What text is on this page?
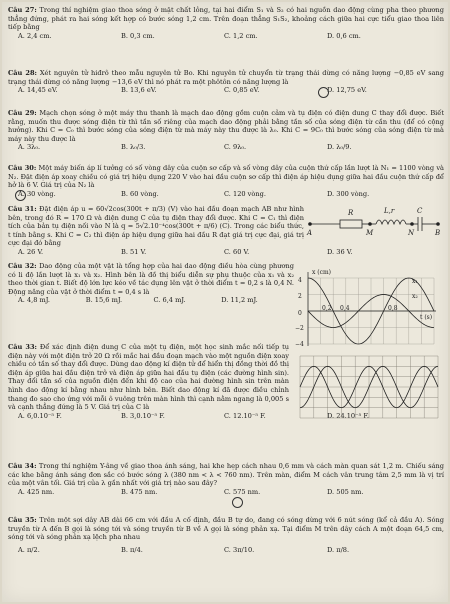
Câu 27: Trong thí nghiệm giao thoa sóng ở mặt chất lỏng, tại hai điểm S₁ và S₂ có hai nguồn dao động cùng pha theo phương thẳng đứng, phát ra hai sóng kết hợp có bước sóng 1,2 cm. Trên đoạn thẳng S₁S₂, khoảng cách giữa hai cực tiểu giao thoa liên tiếp bằng

A. 2,4 cm.	B. 0,3 cm.	C. 1,2 cm.	D. 0,6 cm.

Câu 28: Xét nguyên tử hiđrô theo mẫu nguyên tử Bo. Khi nguyên tử chuyển từ trạng thái dừng có năng lượng −0,85 eV sang trạng thái dừng có năng lượng −13,6 eV thì nó phát ra một phôtôn có năng lượng là

A. 14,45 eV.	B. 13,6 eV.	C. 0,85 eV.	D. 12,75 eV.

Câu 29: Mạch chọn sóng ở một máy thu thanh là mạch dao động gồm cuộn cảm và tụ điện có điện dung C thay đổi được. Biết rằng, muốn thu được sóng điện từ thì tần số riêng của mạch dao động phải bằng tần số của sóng điện từ cần thu (để có cộng hưởng). Khi C = C₀ thì bước sóng của sóng điện từ mà máy này thu được là λ₀. Khi C = 9C₀ thì bước sóng của sóng điện từ mà máy này thu được là

A. 3λ₀.	B. λ₀/3.	C. 9λ₀.	D. λ₀/9.

Câu 30: Một máy biến áp lí tưởng có số vòng dây của cuộn sơ cấp và số vòng dây của cuộn thứ cấp lần lượt là N₁ = 1100 vòng và N₂. Đặt điện áp xoay chiều có giá trị hiệu dụng 220 V vào hai đầu cuộn sơ cấp thì điện áp hiệu dụng giữa hai đầu cuộn thứ cấp để hở là 6 V. Giá trị của N₂ là

A. 30 vòng.	B. 60 vòng.	C. 120 vòng.	D. 300 vòng.

Câu 31: Đặt điện áp u = 60√2cos(300t + π/3) (V) vào hai đầu đoạn mạch AB như hình bên, trong đó R = 170 Ω và điện dung C của tụ điện thay đổi được. Khi C = C₁ thì điện tích của bản tụ điện nối vào N là q = 5√2.10⁻⁴cos(300t + π/6) (C). Trong các biểu thức, t tính bằng s. Khi C = C₂ thì điện áp hiệu dụng giữa hai đầu R đạt giá trị cực đại, giá trị cực đại đó bằng

A. 26 V.	B. 51 V.	C. 60 V.	D. 36 V.
A
R
M
L,r
N
C
B

Câu 32: Dao động của một vật là tổng hợp của hai dao động điều hòa cùng phương có li độ lần lượt là x₁ và x₂. Hình bên là đồ thị biểu diễn sự phụ thuộc của x₁ và x₂ theo thời gian t. Biết độ lớn lực kéo về tác dụng lên vật ở thời điểm t = 0,2 s là 0,4 N. Động năng của vật ở thời điểm t = 0,4 s là

A. 4,8 mJ.	B. 15,6 mJ.	C. 6,4 mJ.	D. 11,2 mJ.
x (cm)
t (s)
x₁
x₂
4
2
0
−2
−4
0,2 0,4	0,8

Câu 33: Để xác định điện dung C của một tụ điện, một học sinh mắc nối tiếp tụ điện này với một điện trở 20 Ω rồi mắc hai đầu đoạn mạch vào một nguồn điện xoay chiều có tần số thay đổi được. Dùng dao động kí điện tử để hiển thị đồng thời đồ thị điện áp giữa hai đầu điện trở và điện áp giữa hai đầu tụ điện (các đường hình sin). Thay đổi tần số của nguồn điện đến khi độ cao của hai đường hình sin trên màn hình dao động kí bằng nhau như hình bên. Biết dao động kí đã được điều chỉnh thang đo sao cho ứng với mỗi ô vuông trên màn hình thì cạnh nằm ngang là 0,005 s và cạnh thẳng đứng là 5 V. Giá trị của C là

A. 6,0.10⁻⁵ F.	B. 3,0.10⁻⁵ F.	C. 12.10⁻⁵ F.	D. 24.10⁻⁵ F.

Câu 34: Trong thí nghiệm Y-âng về giao thoa ánh sáng, hai khe hẹp cách nhau 0,6 mm và cách màn quan sát 1,2 m. Chiếu sáng các khe bằng ánh sáng đơn sắc có bước sóng λ (380 nm < λ < 760 nm). Trên màn, điểm M cách vân trung tâm 2,5 mm là vị trí của một vân tối. Giá trị của λ gần nhất với giá trị nào sau đây?

A. 425 nm.	B. 475 nm.	C. 575 nm.	D. 505 nm.

Câu 35: Trên một sợi dây AB dài 66 cm với đầu A cố định, đầu B tự do, đang có sóng dừng với 6 nút sóng (kể cả đầu A). Sóng truyền từ A đến B gọi là sóng tới và sóng truyền từ B về A gọi là sóng phản xạ. Tại điểm M trên dây cách A một đoạn 64,5 cm, sóng tới và sóng phản xạ lệch pha nhau

A. π/2.	B. π/4.	C. 3π/10.	D. π/8.
